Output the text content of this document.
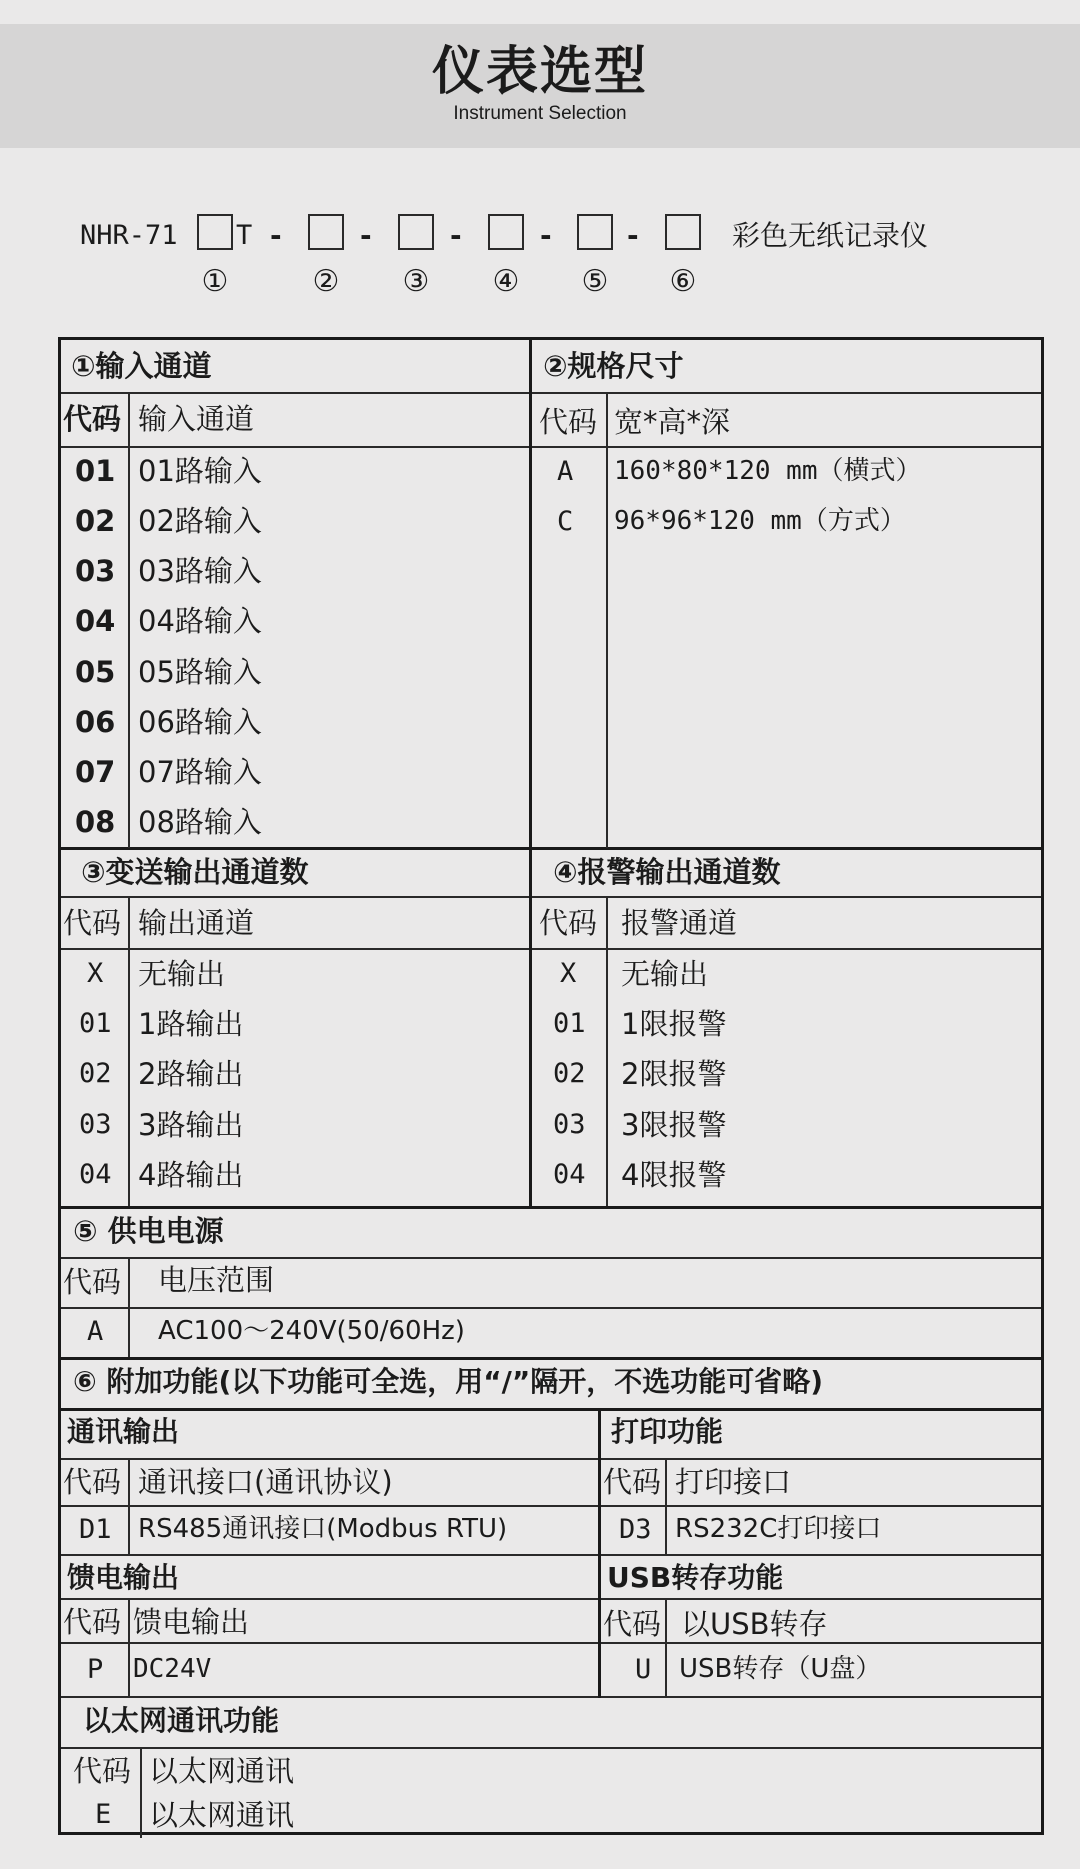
仪表选型
Instrument Selection
NHR-71 T -	-	-	-	-	彩色无纸记录仪
①	② ③ ④ ⑤ ⑥
①输入通道
代码 输入通道
01 01路输入
02 02路输入
03 03路输入
04 04路输入
05 05路输入
06 06路输入
07 07路输入
08 08路输入
②规格尺寸
代码 宽*高*深
A 160*80*120 mm（横式）
C 96*96*120 mm（方式）
③变送输出通道数
代码 输出通道
X 无输出
01 1路输出
02 2路输出
03 3路输出
04 4路输出
④报警输出通道数
代码 报警通道
X 无输出
01 1限报警
02 2限报警
03 3限报警
04 4限报警
⑤ 供电电源
代码 电压范围
A AC100～240V(50/60Hz)
⑥ 附加功能(以下功能可全选，用“/”隔开，不选功能可省略)
通讯输出
代码 通讯接口(通讯协议)
D1 RS485通讯接口(Modbus RTU)
打印功能
代码 打印接口
D3 RS232C打印接口
馈电输出
代码 馈电输出
P DC24V
USB转存功能
代码 以USB转存
U USB转存（U盘）
以太网通讯功能
代码 以太网通讯
E 以太网通讯
